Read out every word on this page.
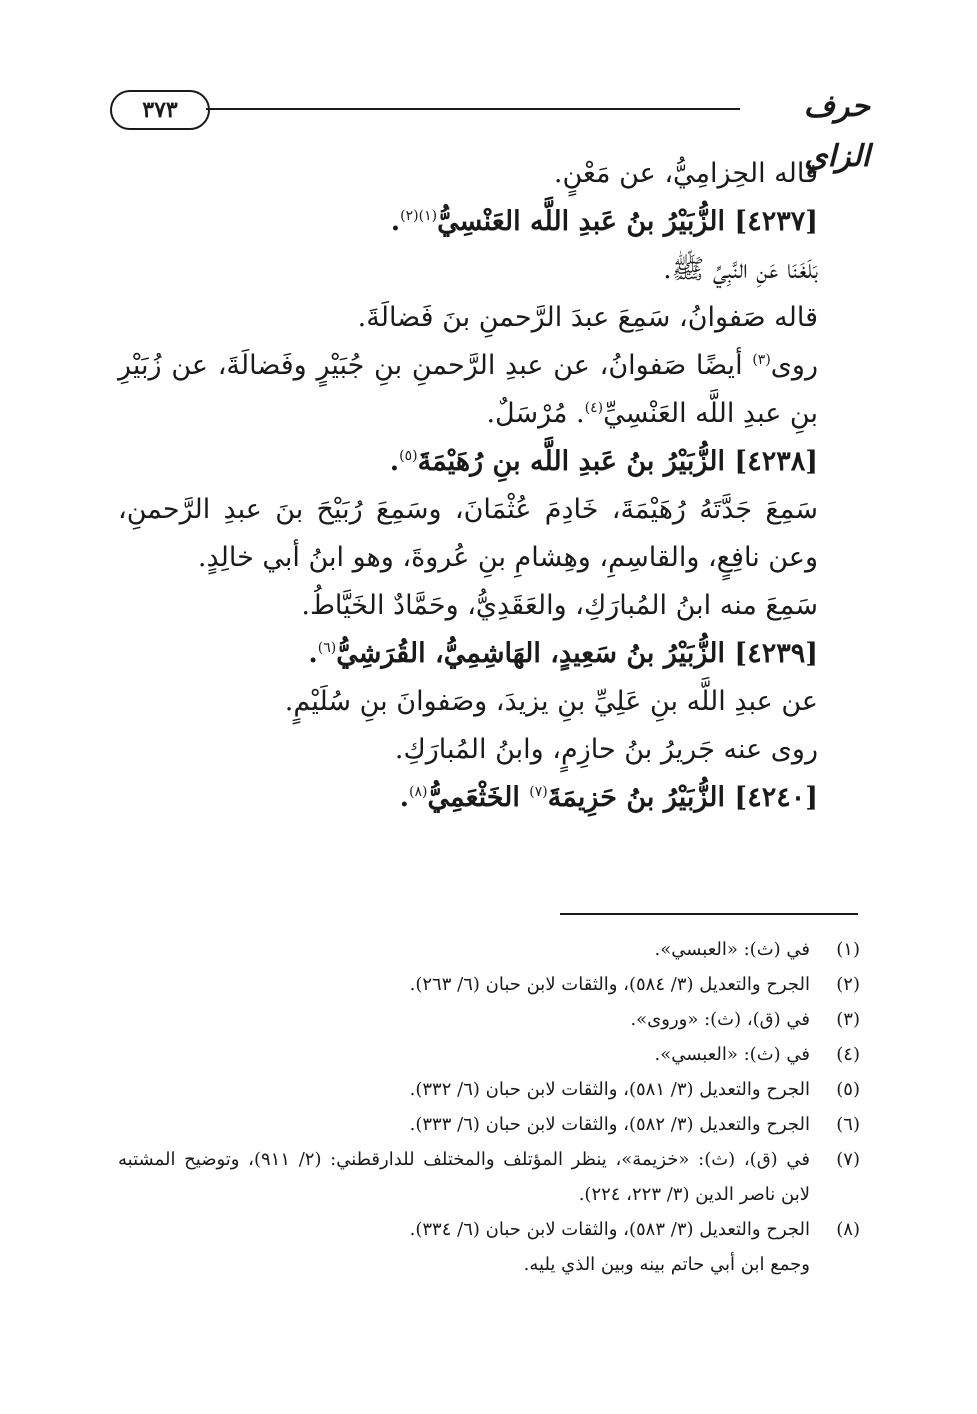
٣٧٣	حرف الزاي

قاله الحِزامِيُّ، عن مَعْنٍ.

[٤٢٣٧] الزُّبَيْرُ بنُ عَبدِ اللَّه العَنْسِيُّ$^{(١)(٢)}$.

بَلَغَنَا عَنِ النَّبِيِّ ﷺ.

قاله صَفوانُ، سَمِعَ عبدَ الرَّحمنِ بنَ فَضالَةَ.

روى$^{(٣)}$ أيضًا صَفوانُ، عن عبدِ الرَّحمنِ بنِ جُبَيْرٍ وفَضالَةَ، عن زُبَيْرِ بنِ عبدِ اللَّه العَنْسِيِّ$^{(٤)}$. مُرْسَلٌ.

[٤٢٣٨] الزُّبَيْرُ بنُ عَبدِ اللَّه بنِ رُهَيْمَةَ$^{(٥)}$.

سَمِعَ جَدَّتَهُ رُهَيْمَةَ، خَادِمَ عُثْمَانَ، وسَمِعَ رُبَيْحَ بنَ عبدِ الرَّحمنِ، وعن نافِعٍ، والقاسِمِ، وهِشامِ بنِ عُروةَ، وهو ابنُ أبي خالِدٍ.

سَمِعَ منه ابنُ المُبارَكِ، والعَقَدِيُّ، وحَمَّادٌ الخَيَّاطُ.

[٤٢٣٩] الزُّبَيْرُ بنُ سَعِيدٍ، الهَاشِمِيُّ، القُرَشِيُّ$^{(٦)}$.

عن عبدِ اللَّه بنِ عَلِيِّ بنِ يزيدَ، وصَفوانَ بنِ سُلَيْمٍ.

روى عنه جَريرُ بنُ حازِمٍ، وابنُ المُبارَكِ.

[٤٢٤٠] الزُّبَيْرُ بنُ حَزِيمَةَ$^{(٧)}$ الخَثْعَمِيُّ$^{(٨)}$.

(١)
في (ث): «العبسي».
(٢)
الجرح والتعديل (٣/ ٥٨٤)، والثقات لابن حبان (٦/ ٢٦٣).
(٣)
في (ق)، (ث): «وروى».
(٤)
في (ث): «العبسي».
(٥)
الجرح والتعديل (٣/ ٥٨١)، والثقات لابن حبان (٦/ ٣٣٢).
(٦)
الجرح والتعديل (٣/ ٥٨٢)، والثقات لابن حبان (٦/ ٣٣٣).
(٧)
في (ق)، (ث): «خزيمة»، ينظر المؤتلف والمختلف للدارقطني: (٢/ ٩١١)، وتوضيح المشتبه لابن ناصر الدين (٣/ ٢٢٣، ٢٢٤).
(٨)
الجرح والتعديل (٣/ ٥٨٣)، والثقات لابن حبان (٦/ ٣٣٤).
وجمع ابن أبي حاتم بينه وبين الذي يليه.
